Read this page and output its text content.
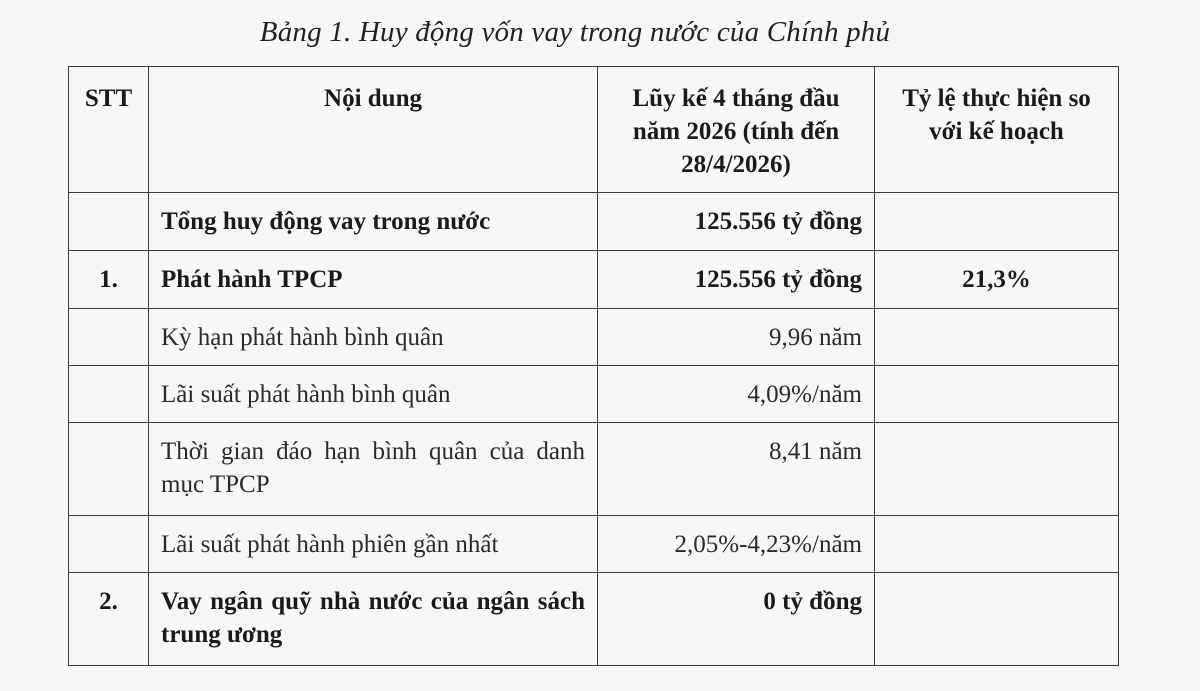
Bảng 1. Huy động vốn vay trong nước của Chính phủ
STT	Nội dung	Lũy kế 4 tháng đầu năm 2026 (tính đến 28/4/2026)	Tỷ lệ thực hiện so với kế hoạch

	Tổng huy động vay trong nước	125.556 tỷ đồng	

1.	Phát hành TPCP	125.556 tỷ đồng	21,3%

	Kỳ hạn phát hành bình quân	9,96 năm	

	Lãi suất phát hành bình quân	4,09%/năm	

	Thời gian đáo hạn bình quân của danh mục TPCP	8,41 năm	

	Lãi suất phát hành phiên gần nhất	2,05%-4,23%/năm	

2.	Vay ngân quỹ nhà nước của ngân sách trung ương	0 tỷ đồng	
